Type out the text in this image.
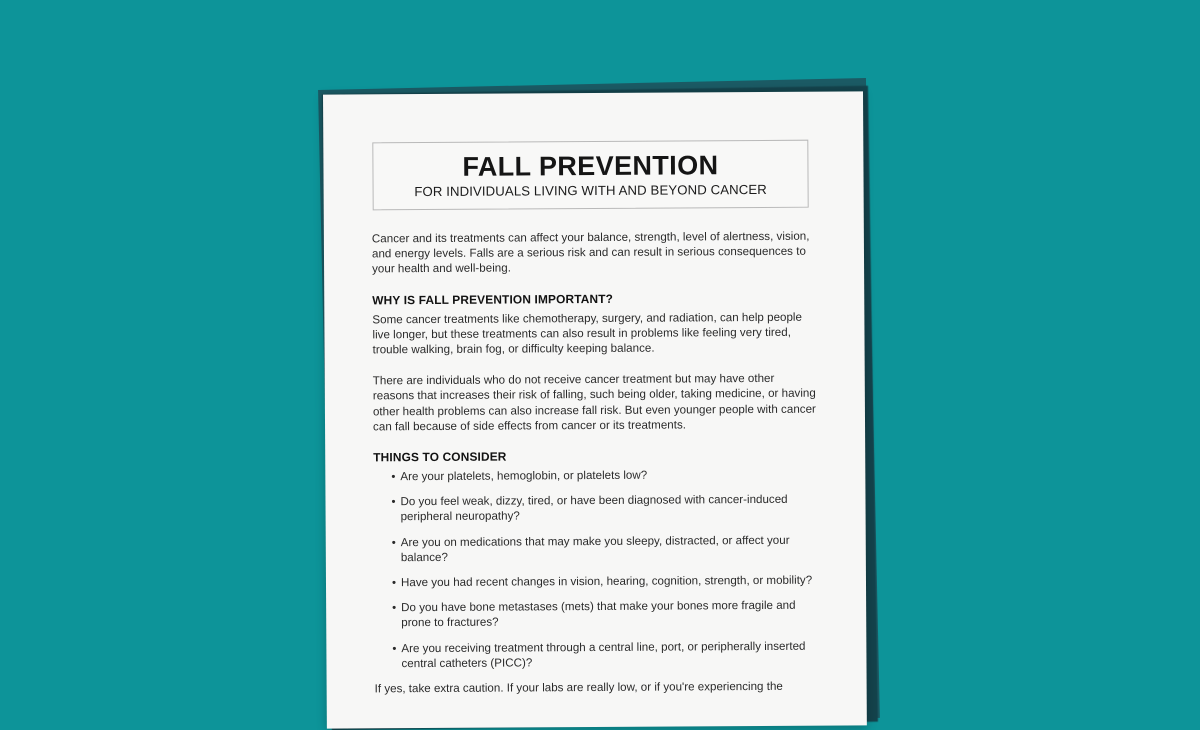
FALL PREVENTION
FOR INDIVIDUALS LIVING WITH AND BEYOND CANCER

Cancer and its treatments can affect your balance, strength, level of alertness, vision, and energy levels. Falls are a serious risk and can result in serious consequences to your health and well-being.

WHY IS FALL PREVENTION IMPORTANT?

Some cancer treatments like chemotherapy, surgery, and radiation, can help people live longer, but these treatments can also result in problems like feeling very tired, trouble walking, brain fog, or difficulty keeping balance.

There are individuals who do not receive cancer treatment but may have other reasons that increases their risk of falling, such being older, taking medicine, or having other health problems can also increase fall risk. But even younger people with cancer can fall because of side effects from cancer or its treatments.

THINGS TO CONSIDER
• Are your platelets, hemoglobin, or platelets low?
• Do you feel weak, dizzy, tired, or have been diagnosed with cancer-induced peripheral neuropathy?
• Are you on medications that may make you sleepy, distracted, or affect your balance?
• Have you had recent changes in vision, hearing, cognition, strength, or mobility?
• Do you have bone metastases (mets) that make your bones more fragile and prone to fractures?
• Are you receiving treatment through a central line, port, or peripherally inserted central catheters (PICC)?

If yes, take extra caution. If your labs are really low, or if you're experiencing the
